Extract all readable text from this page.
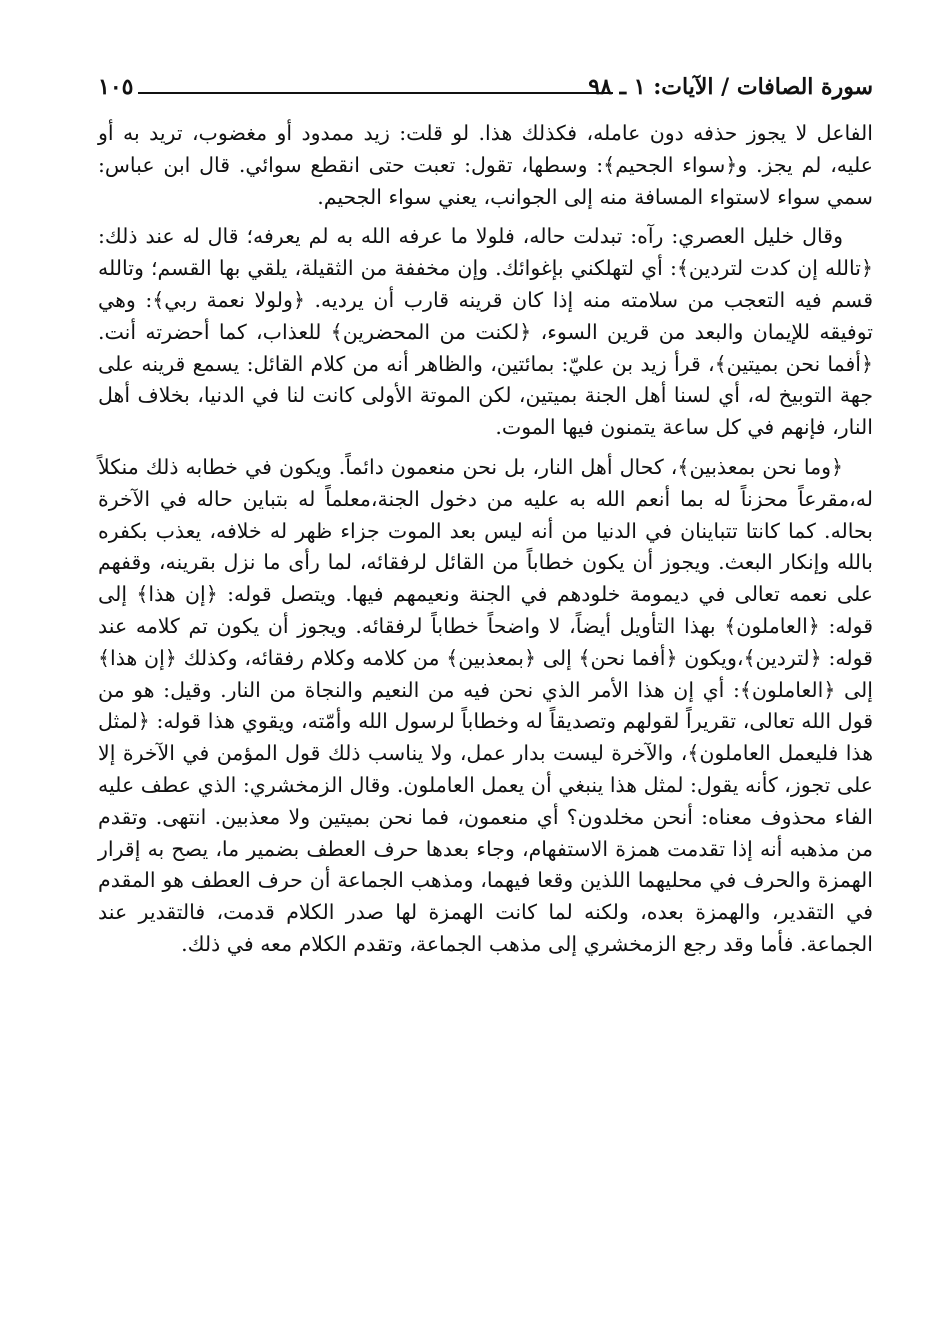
سورة الصافات / الآيات: ١ ـ ٩٨
١٠٥

الفاعل لا يجوز حذفه دون عامله، فكذلك هذا. لو قلت: زيد ممدود أو مغضوب، تريد به أو عليه، لم يجز. و﴿سواء الجحيم﴾: وسطها، تقول: تعبت حتى انقطع سوائي. قال ابن عباس: سمي سواء لاستواء المسافة منه إلى الجوانب، يعني سواء الجحيم.

وقال خليل العصري: رآه: تبدلت حاله، فلولا ما عرفه الله به لم يعرفه؛ قال له عند ذلك: ﴿تالله إن كدت لتردين﴾: أي لتهلكني بإغوائك. وإن مخففة من الثقيلة، يلقي بها القسم؛ وتالله قسم فيه التعجب من سلامته منه إذا كان قرينه قارب أن يرديه. ﴿ولولا نعمة ربي﴾: وهي توفيقه للإيمان والبعد من قرين السوء، ﴿لكنت من المحضرين﴾ للعذاب، كما أحضرته أنت. ﴿أفما نحن بميتين﴾، قرأ زيد بن عليّ: بمائتين، والظاهر أنه من كلام القائل: يسمع قرينه على جهة التوبيخ له، أي لسنا أهل الجنة بميتين، لكن الموتة الأولى كانت لنا في الدنيا، بخلاف أهل النار، فإنهم في كل ساعة يتمنون فيها الموت.

﴿وما نحن بمعذبين﴾، كحال أهل النار، بل نحن منعمون دائماً. ويكون في خطابه ذلك منكلاً له،مقرعاً محزناً له بما أنعم الله به عليه من دخول الجنة،معلماً له بتباين حاله في الآخرة بحاله. كما كانتا تتباينان في الدنيا من أنه ليس بعد الموت جزاء ظهر له خلافه، يعذب بكفره بالله وإنكار البعث. ويجوز أن يكون خطاباً من القائل لرفقائه، لما رأى ما نزل بقرينه، وقفهم على نعمه تعالى في ديمومة خلودهم في الجنة ونعيمهم فيها. ويتصل قوله: ﴿إن هذا﴾ إلى قوله: ﴿العاملون﴾ بهذا التأويل أيضاً، لا واضحاً خطاباً لرفقائه. ويجوز أن يكون تم كلامه عند قوله: ﴿لتردين﴾،ويكون ﴿أفما نحن﴾ إلى ﴿بمعذبين﴾ من كلامه وكلام رفقائه، وكذلك ﴿إن هذا﴾ إلى ﴿العاملون﴾: أي إن هذا الأمر الذي نحن فيه من النعيم والنجاة من النار. وقيل: هو من قول الله تعالى، تقريراً لقولهم وتصديقاً له وخطاباً لرسول الله وأمّته، ويقوي هذا قوله: ﴿لمثل هذا فليعمل العاملون﴾، والآخرة ليست بدار عمل، ولا يناسب ذلك قول المؤمن في الآخرة إلا على تجوز، كأنه يقول: لمثل هذا ينبغي أن يعمل العاملون. وقال الزمخشري: الذي عطف عليه الفاء محذوف معناه: أنحن مخلدون؟ أي منعمون، فما نحن بميتين ولا معذبين. انتهى. وتقدم من مذهبه أنه إذا تقدمت همزة الاستفهام، وجاء بعدها حرف العطف بضمير ما، يصح به إقرار الهمزة والحرف في محليهما اللذين وقعا فيهما، ومذهب الجماعة أن حرف العطف هو المقدم في التقدير، والهمزة بعده، ولكنه لما كانت الهمزة لها صدر الكلام قدمت، فالتقدير عند الجماعة. فأما وقد رجع الزمخشري إلى مذهب الجماعة، وتقدم الكلام معه في ذلك.
